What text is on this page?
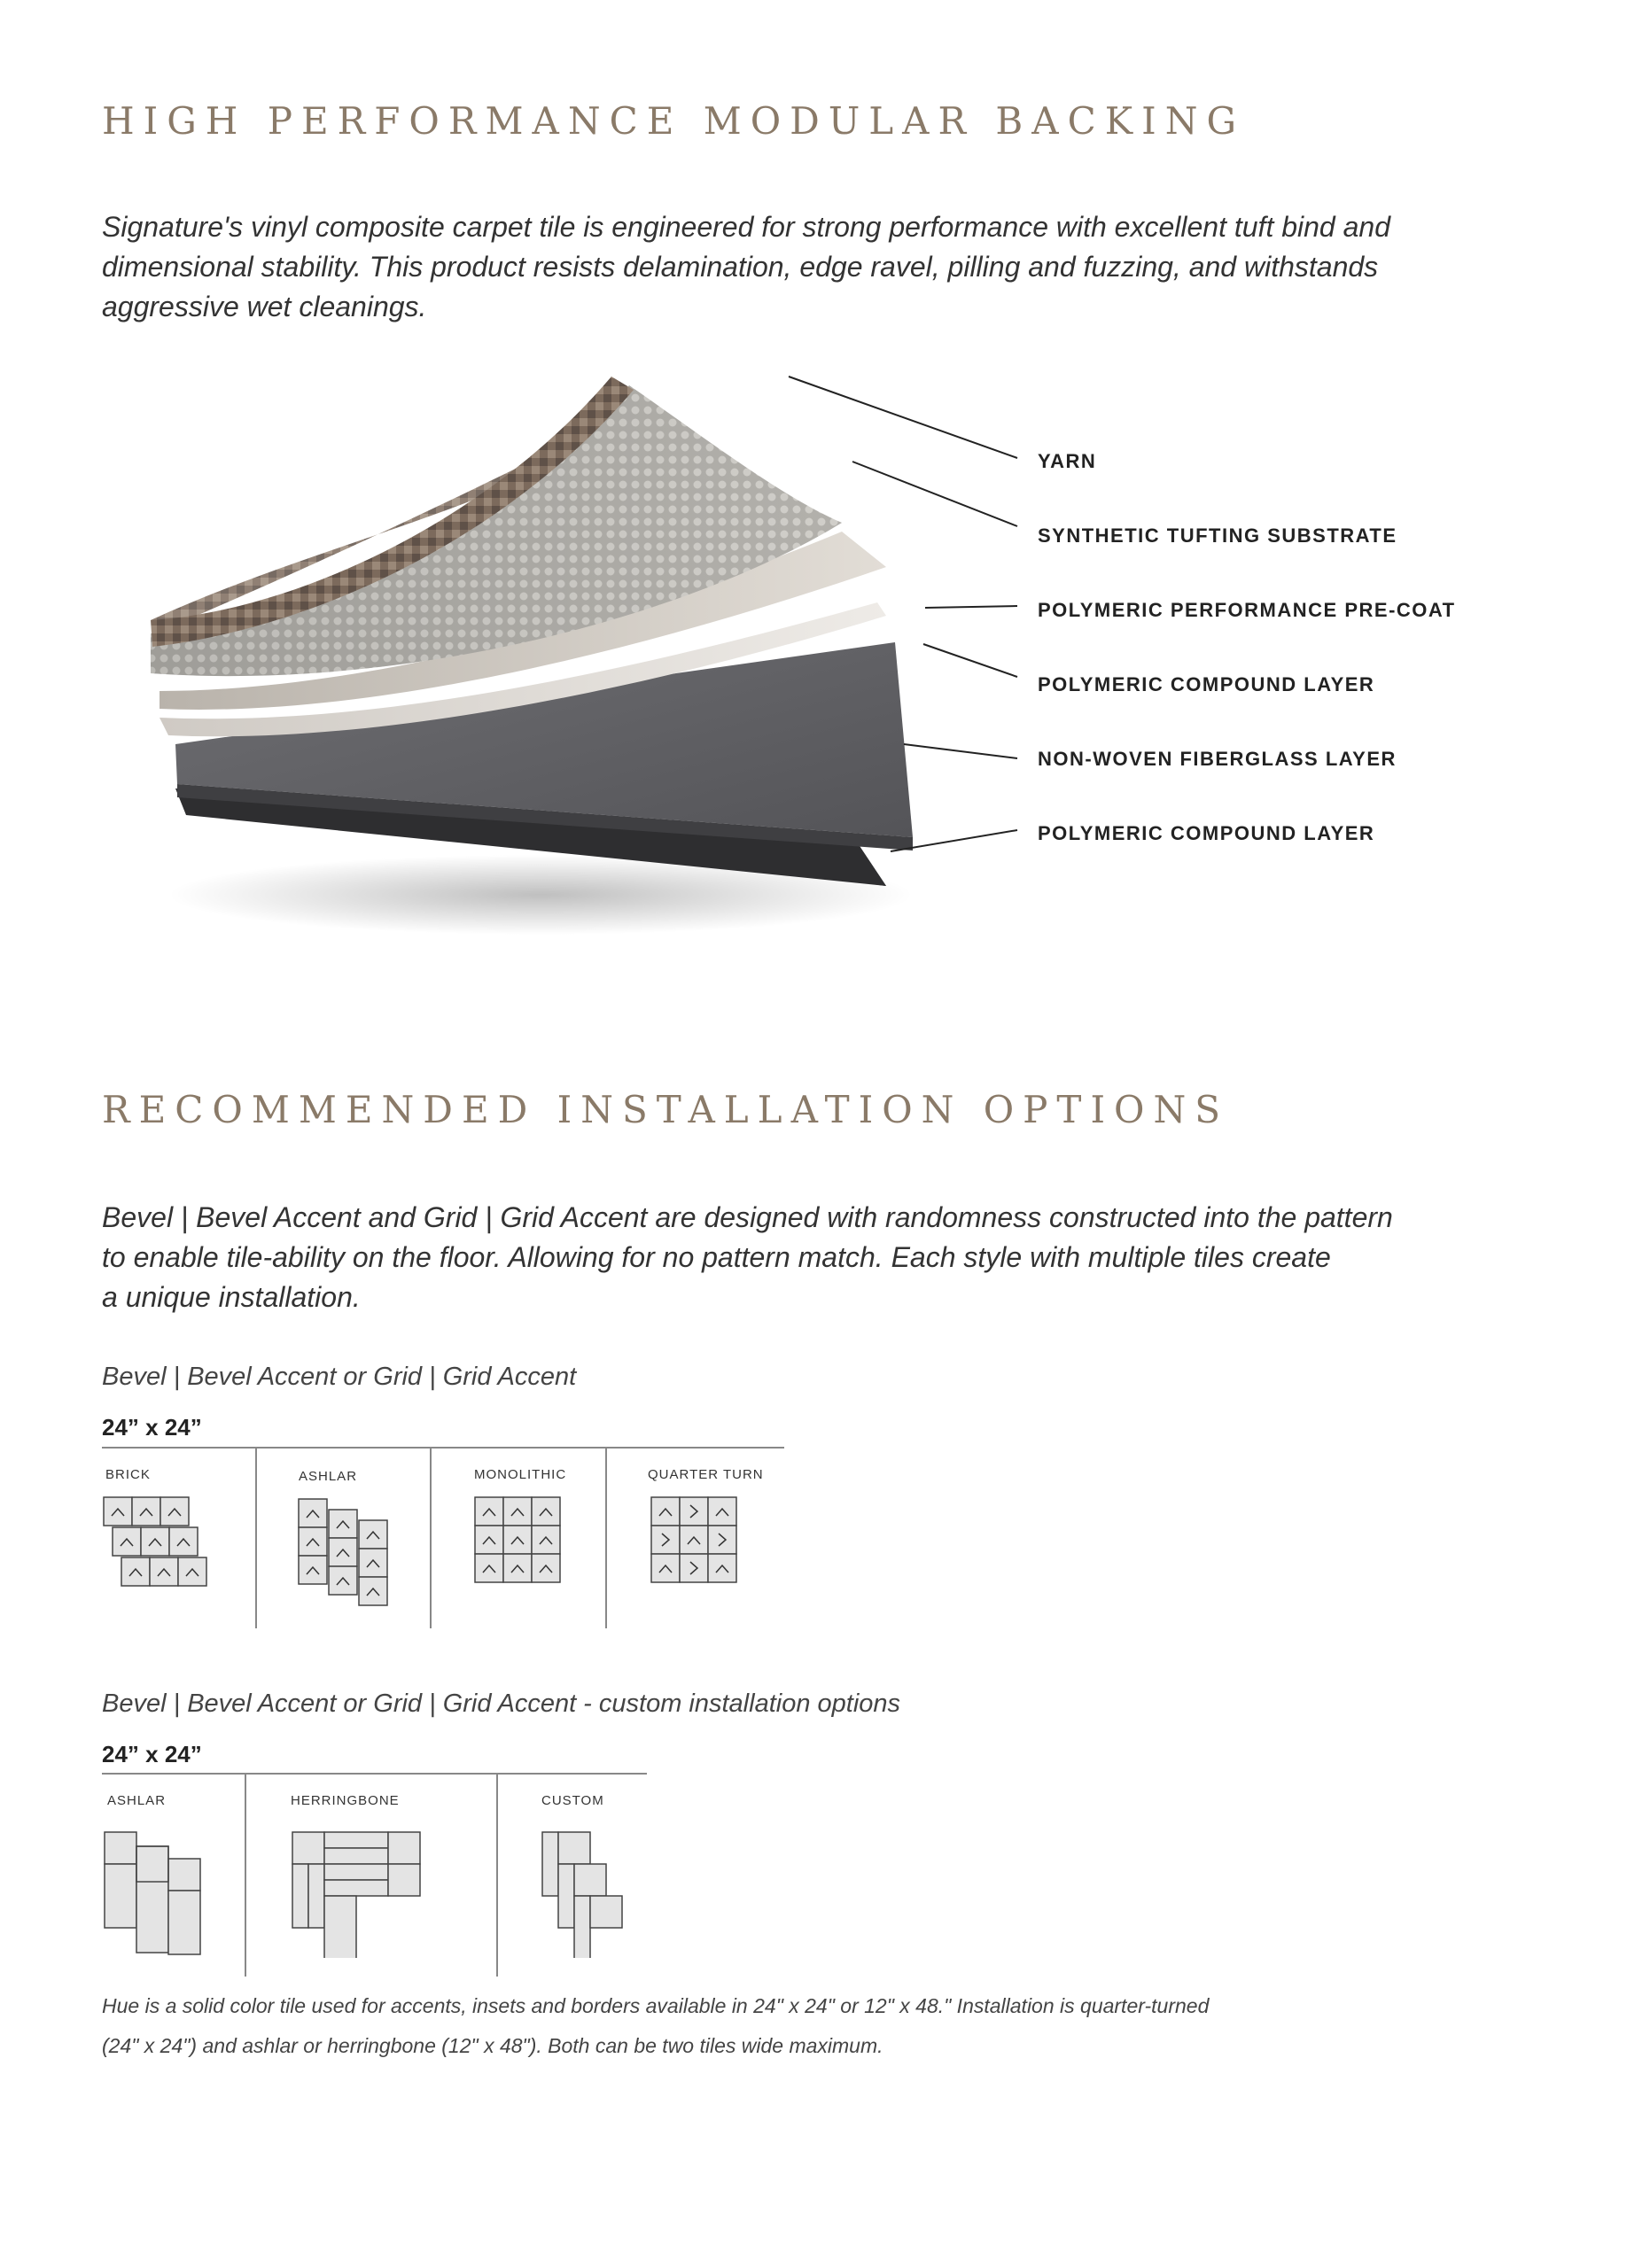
HIGH PERFORMANCE MODULAR BACKING

Signature's vinyl composite carpet tile is engineered for strong performance with excellent tuft bind and

dimensional stability. This product resists delamination, edge ravel, pilling and fuzzing, and withstands

aggressive wet cleanings.

YARN
SYNTHETIC TUFTING SUBSTRATE
POLYMERIC PERFORMANCE PRE-COAT
POLYMERIC COMPOUND LAYER
NON-WOVEN FIBERGLASS LAYER
POLYMERIC COMPOUND LAYER
RECOMMENDED INSTALLATION OPTIONS

Bevel | Bevel Accent and Grid | Grid Accent are designed with randomness constructed into the pattern

to enable tile-ability on the floor. Allowing for no pattern match. Each style with multiple tiles create

a unique installation.

Bevel | Bevel Accent or Grid | Grid Accent

24” x 24”

BRICK	ASHLAR	MONOLITHIC	QUARTER TURN

Bevel | Bevel Accent or Grid | Grid Accent - custom installation options

24” x 24”

ASHLAR	HERRINGBONE	CUSTOM

Hue is a solid color tile used for accents, insets and borders available in 24" x 24" or 12" x 48." Installation is quarter-turned

(24" x 24") and ashlar or herringbone (12" x 48"). Both can be two tiles wide maximum.
